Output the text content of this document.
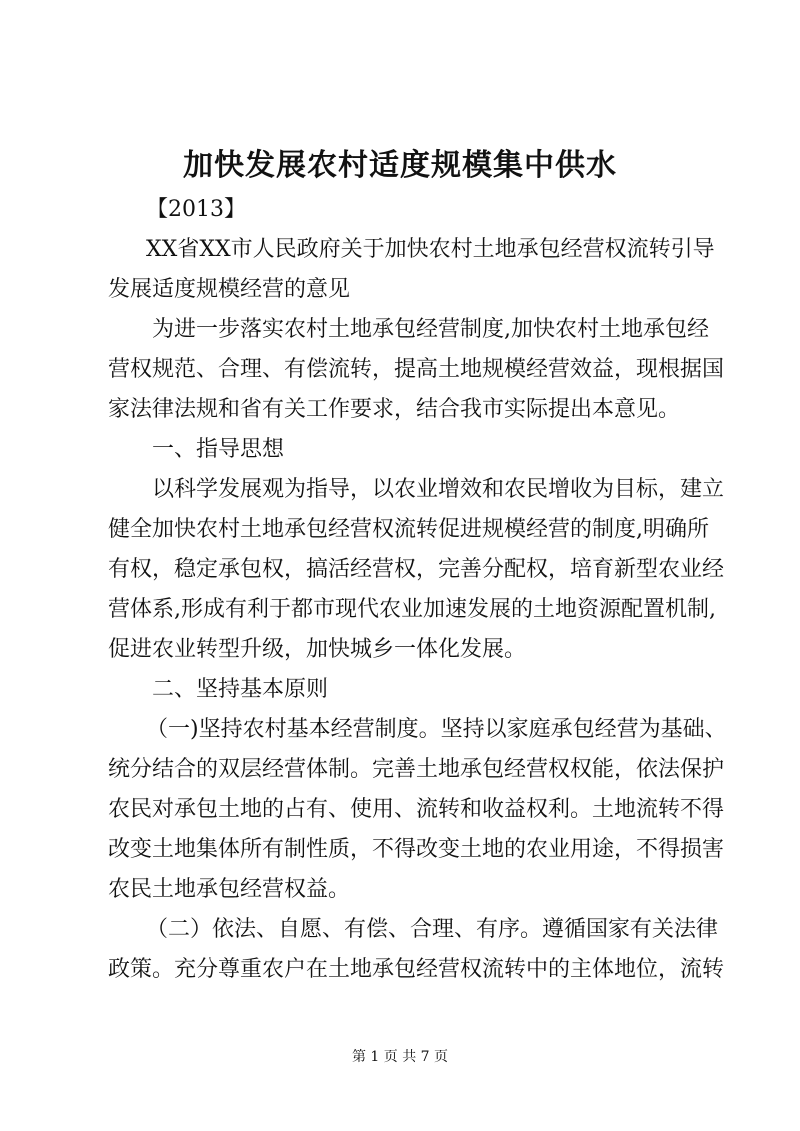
加快发展农村适度规模集中供水
【2013】
XX省XX市人民政府关于加快农村土地承包经营权流转引导
发展适度规模经营的意见
为进一步落实农村土地承包经营制度,加快农村土地承包经
营权规范、合理、有偿流转，提高土地规模经营效益，现根据国
家法律法规和省有关工作要求，结合我市实际提出本意见。
一、指导思想
以科学发展观为指导，以农业增效和农民增收为目标，建立
健全加快农村土地承包经营权流转促进规模经营的制度,明确所
有权，稳定承包权，搞活经营权，完善分配权，培育新型农业经
营体系,形成有利于都市现代农业加速发展的土地资源配置机制,
促进农业转型升级，加快城乡一体化发展。
二、坚持基本原则
（一)坚持农村基本经营制度。坚持以家庭承包经营为基础、
统分结合的双层经营体制。完善土地承包经营权权能，依法保护
农民对承包土地的占有、使用、流转和收益权利。土地流转不得
改变土地集体所有制性质，不得改变土地的农业用途，不得损害
农民土地承包经营权益。
（二）依法、自愿、有偿、合理、有序。遵循国家有关法律
政策。充分尊重农户在土地承包经营权流转中的主体地位，流转
第 1 页 共 7 页
